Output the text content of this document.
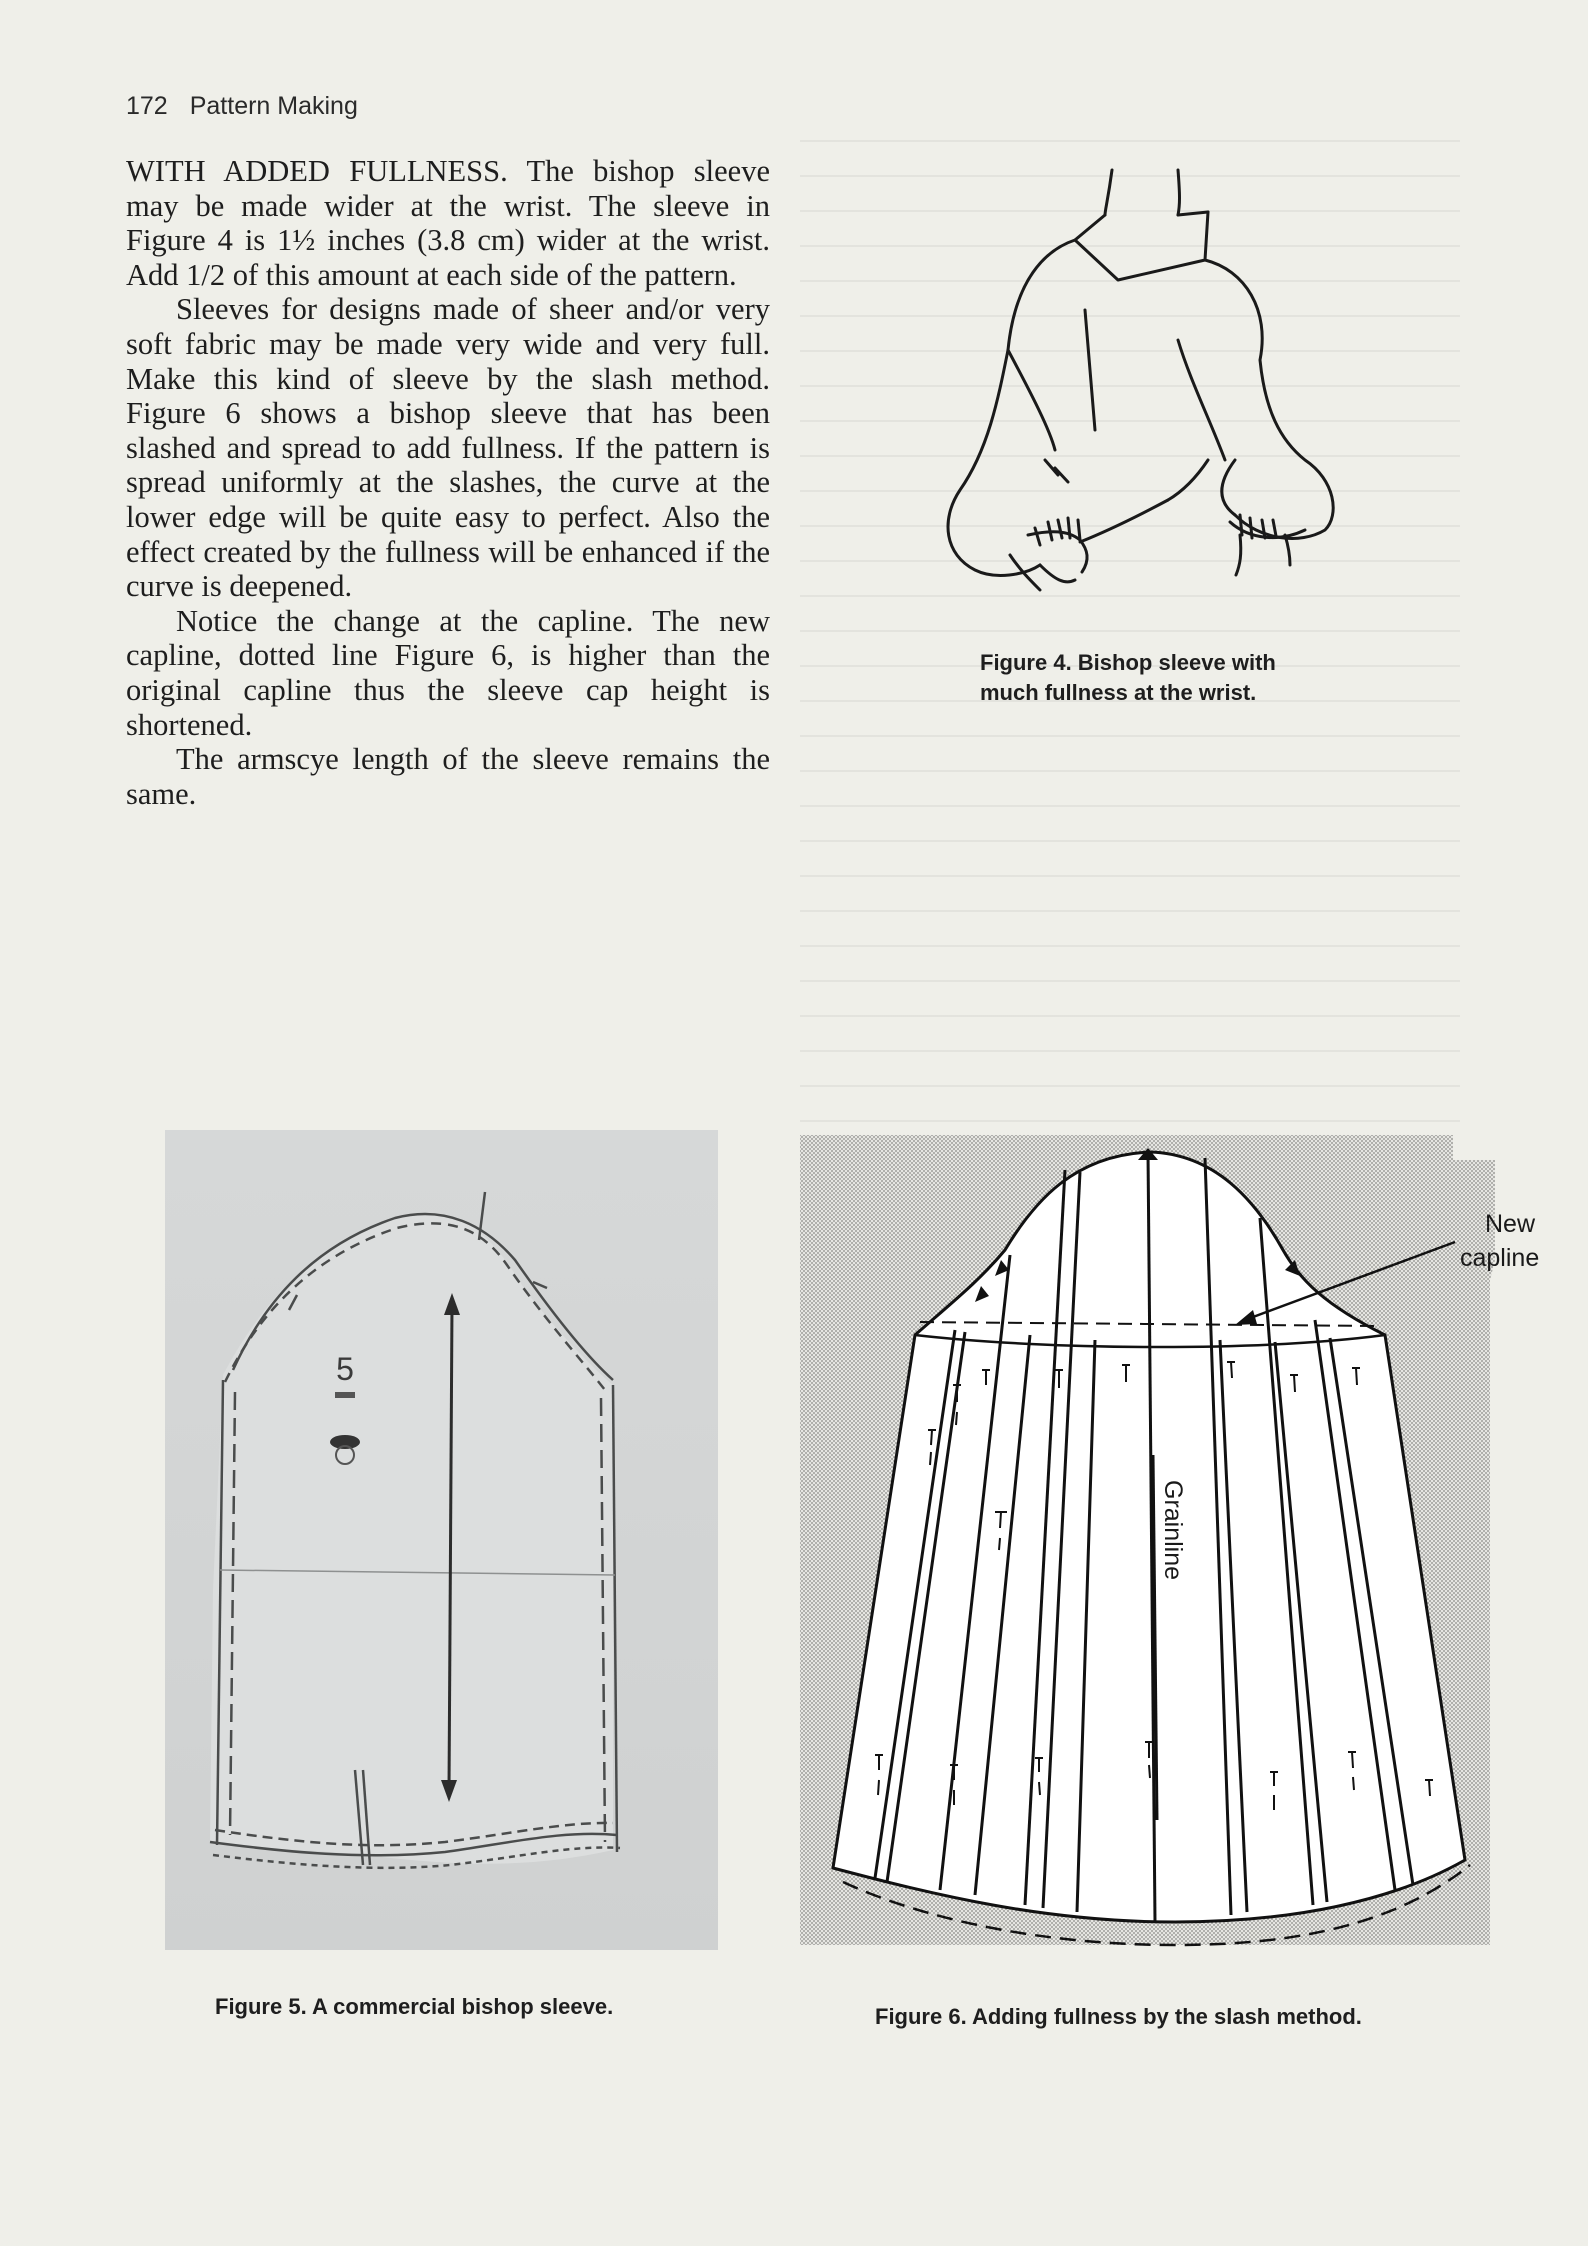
172 Pattern Making

WITH ADDED FULLNESS. The bishop sleeve may be made wider at the wrist. The sleeve in Figure 4 is 1½ inches (3.8 cm) wider at the wrist. Add 1/2 of this amount at each side of the pattern.

Sleeves for designs made of sheer and/or very soft fabric may be made very wide and very full. Make this kind of sleeve by the slash method. Figure 6 shows a bishop sleeve that has been slashed and spread to add fullness. If the pattern is spread uniformly at the slashes, the curve at the lower edge will be quite easy to perfect. Also the effect created by the fullness will be enhanced if the curve is deepened.

Notice the change at the capline. The new capline, dotted line Figure 6, is higher than the original capline thus the sleeve cap height is shortened.

The armscye length of the sleeve remains the same.

Figure 4. Bishop sleeve with
much fullness at the wrist.
5
Figure 5. A commercial bishop sleeve.
Grainline
New
capline
Figure 6. Adding fullness by the slash method.
